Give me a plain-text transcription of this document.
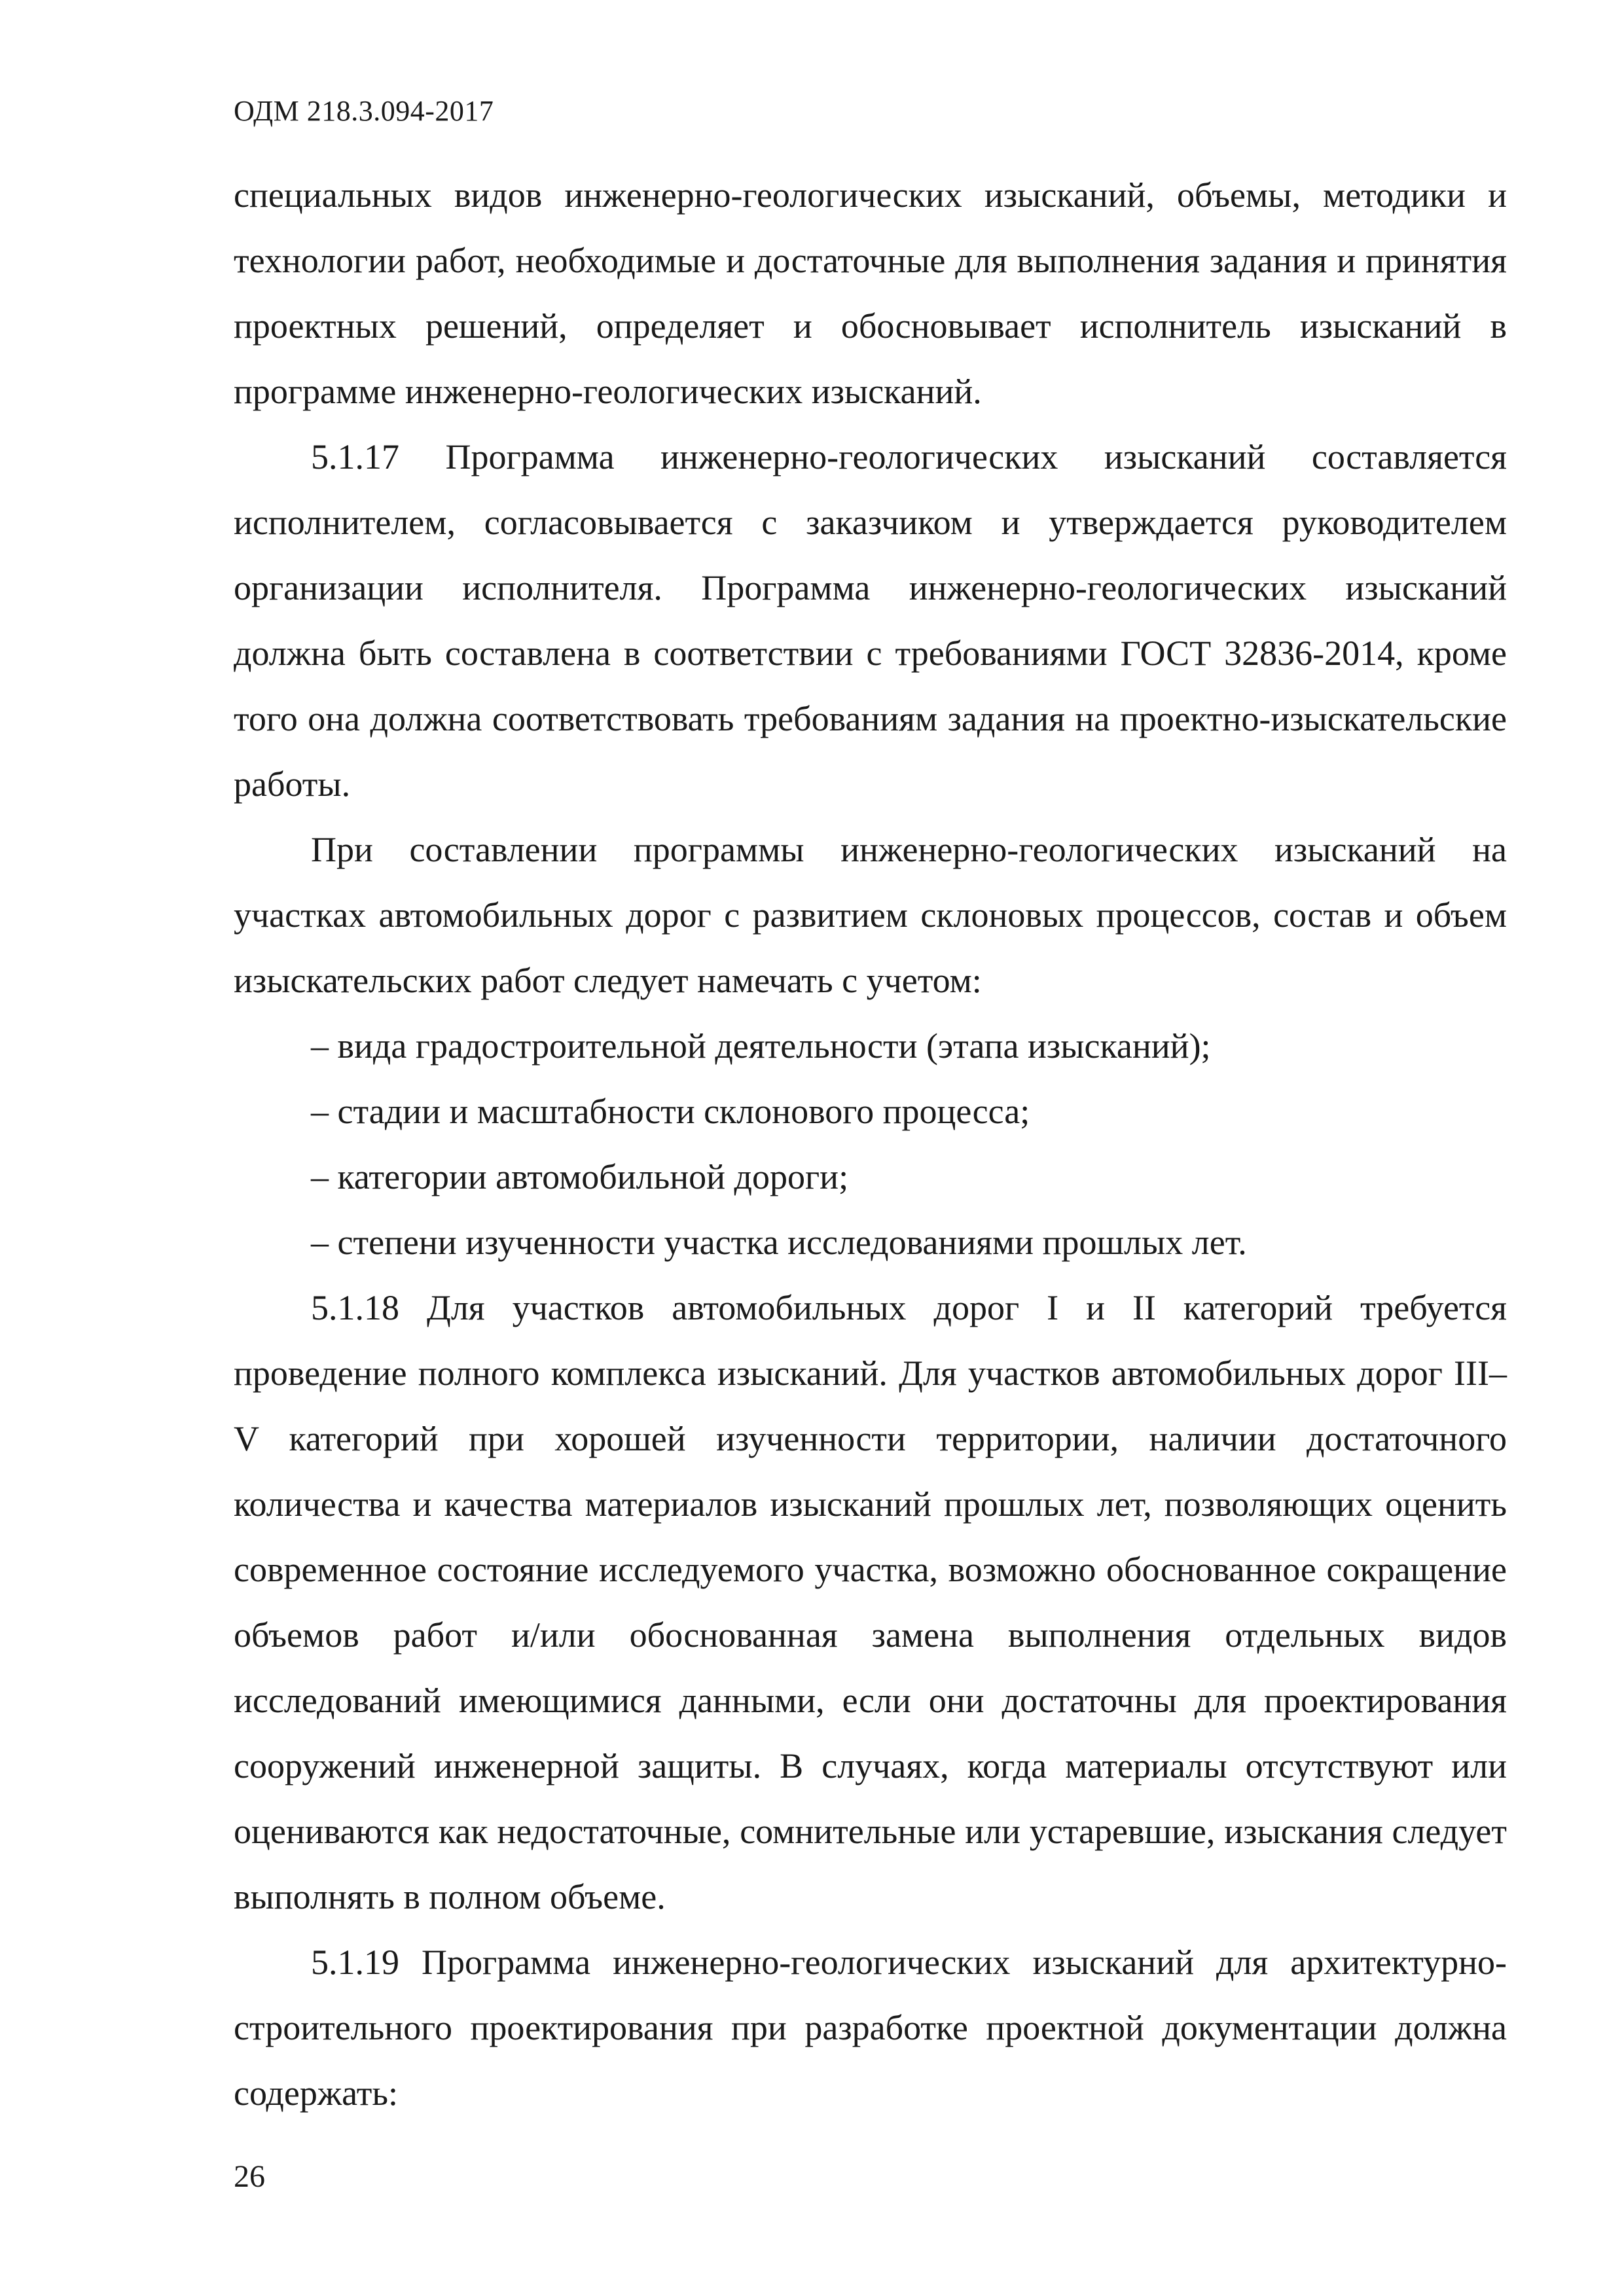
ОДМ 218.3.094-2017

специальных видов инженерно-геологических изысканий, объемы, методики и технологии работ, необходимые и достаточные для выполнения задания и принятия проектных решений, определяет и обосновывает исполнитель изысканий в программе инженерно-геологических изысканий.

5.1.17 Программа инженерно-геологических изысканий составляется исполнителем, согласовывается с заказчиком и утверждается руководителем организации исполнителя. Программа инженерно-геологических изысканий должна быть составлена в соответствии с требованиями ГОСТ 32836-2014, кроме того она должна соответствовать требованиям задания на проектно-изыскательские работы.

При составлении программы инженерно-геологических изысканий на участках автомобильных дорог с развитием склоновых процессов, состав и объем изыскательских работ следует намечать с учетом:

– вида градостроительной деятельности (этапа изысканий);

– стадии и масштабности склонового процесса;

– категории автомобильной дороги;

– степени изученности участка исследованиями прошлых лет.

5.1.18 Для участков автомобильных дорог I и II категорий требуется проведение полного комплекса изысканий. Для участков автомобильных дорог III–V категорий при хорошей изученности территории, наличии достаточного количества и качества материалов изысканий прошлых лет, позволяющих оценить современное состояние исследуемого участка, возможно обоснованное сокращение объемов работ и/или обоснованная замена выполнения отдельных видов исследований имеющимися данными, если они достаточны для проектирования сооружений инженерной защиты. В случаях, когда материалы отсутствуют или оцениваются как недостаточные, сомнительные или устаревшие, изыскания следует выполнять в полном объеме.

5.1.19 Программа инженерно-геологических изысканий для архитектурно-строительного проектирования при разработке проектной документации должна содержать:

26
